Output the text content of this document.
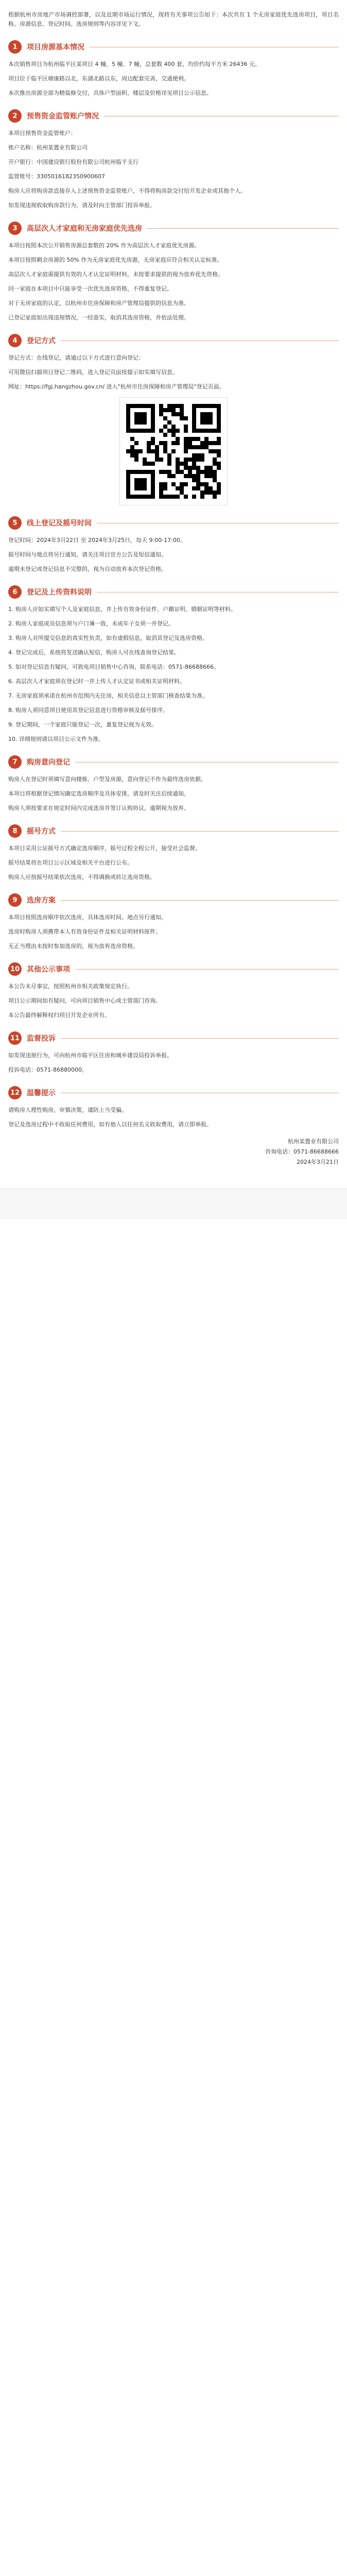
根据杭州市房地产市场调控部署，以及近期市场运行情况，现将有关事项公告如下：本次共有 1 个无房家庭优先选房项目，项目名称、房源信息、登记时间、选房规则等内容详见下文。

1	项目房源基本情况

本次销售项目为杭州临平区某项目 4 幢、5 幢、7 幢，总套数 400 套，均价约每平方米 26436 元。

项目位于临平区塘康路以北，东湖北路以东，周边配套完善，交通便利。

本次推出房源全部为精装修交付，具体户型面积、楼层及价格详见项目公示信息。

2	预售资金监管账户情况

本项目预售资金监管账户：

账户名称：杭州某置业有限公司

开户银行：中国建设银行股份有限公司杭州临平支行

监管账号：3305016182350900607

购房人应将购房款直接存入上述预售资金监管账户，不得将购房款交付给开发企业或其他个人。

如发现违规收取购房款行为，请及时向主管部门投诉举报。

3	高层次人才家庭和无房家庭优先选房

本项目按照本次公开销售房源总套数的 20% 作为高层次人才家庭优先房源。

本项目按照剩余房源的 50% 作为无房家庭优先房源，无房家庭应符合相关认定标准。

高层次人才家庭需提供有效的人才认定证明材料，未按要求提供的视为放弃优先资格。

同一家庭在本项目中只能享受一次优先选房资格，不得重复登记。

对于无房家庭的认定，以杭州市住房保障和房产管理局提供的信息为准。

已登记家庭如出现违规情况，一经查实，取消其选房资格，并依法处理。

4	登记方式

登记方式：在线登记，请通过以下方式进行意向登记：

可用微信扫描项目登记二维码，进入登记页面按提示如实填写信息。

网址：https://fgj.hangzhou.gov.cn/ 进入"杭州市住房保障和房产管理局"登记页面。

5	线上登记及摇号时间

登记时间：2024年3月22日 至 2024年3月25日，每天 9:00-17:00。

摇号时间与地点将另行通知，请关注项目官方公告及短信通知。

逾期未登记或登记信息不完整的，视为自动放弃本次登记资格。

6	登记及上传资料说明

1. 购房人应如实填写个人及家庭信息，并上传有效身份证件、户籍证明、婚姻证明等材料。

2. 购房人家庭成员信息须与户口簿一致，未成年子女须一并登记。

3. 购房人对所提交信息的真实性负责，如有虚假信息，取消其登记及选房资格。

4. 登记完成后，系统将发送确认短信，购房人可在线查询登记结果。

5. 如对登记信息有疑问，可致电项目销售中心咨询，联系电话：0571-86688666。

6. 高层次人才家庭须在登记时一并上传人才认定证书或相关证明材料。

7. 无房家庭须承诺在杭州市范围内无住房，相关信息以主管部门核查结果为准。

8. 购房人须同意项目使用其登记信息进行资格审核及摇号排序。

9. 登记期间，一个家庭只能登记一次，重复登记视为无效。

10. 详细规则请以项目公示文件为准。

7	购房意向登记

购房人在登记时须填写意向楼栋、户型及房源，意向登记不作为最终选房依据。

本项目将根据登记情况确定选房顺序及具体安排，请及时关注后续通知。

购房人须按要求在规定时间内完成选房并签订认购协议，逾期视为放弃。

8	摇号方式

本项目采用公证摇号方式确定选房顺序，摇号过程全程公开，接受社会监督。

摇号结果将在项目公示区域及相关平台进行公布。

购房人应按摇号结果依次选房，不得调换或转让选房资格。

9	选房方案

本项目按照选房顺序依次选房，具体选房时间、地点另行通知。

选房时购房人须携带本人有效身份证件及相关证明材料原件。

无正当理由未按时参加选房的，视为放弃选房资格。

10 其他公示事项

本公告未尽事宜，按照杭州市相关政策规定执行。

项目公示期间如有疑问，可向项目销售中心或主管部门咨询。

本公告最终解释权归项目开发企业所有。

11 监督投诉

如发现违规行为，可向杭州市临平区住房和城乡建设局投诉举报。

投诉电话：0571-86880000。

12 温馨提示

请购房人理性购房，审慎决策，谨防上当受骗。

登记及选房过程中不收取任何费用，如有他人以任何名义收取费用，请立即举报。

杭州某置业有限公司
咨询电话：0571-86688666
2024年3月21日
